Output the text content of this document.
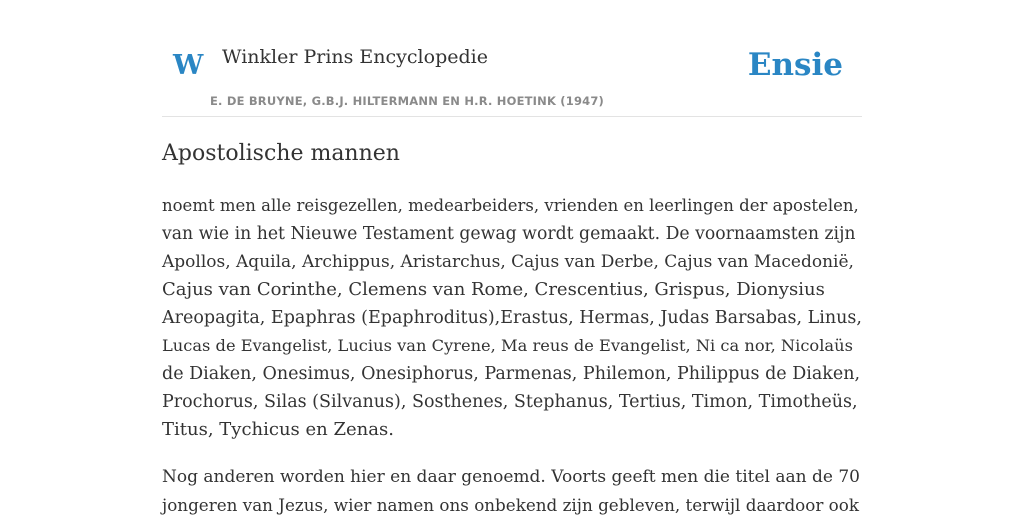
W Winkler Prins Encyclopedie
E. DE BRUYNE, G.B.J. HILTERMANN EN H.R. HOETINK (1947)
Ensie
Apostolische mannen

noemt men alle reisgezellen, medearbeiders, vrienden en leerlingen der apostelen,
van wie in het Nieuwe Testament gewag wordt gemaakt. De voornaamsten zijn
Apollos, Aquila, Archippus, Aristarchus, Cajus van Derbe, Cajus van Macedonië,
Cajus van Corinthe, Clemens van Rome, Crescentius, Grispus, Dionysius
Areopagita, Epaphras (Epaphroditus),Erastus, Hermas, Judas Barsabas, Linus,
Lucas de Evangelist, Lucius van Cyrene, Ma reus de Evangelist, Ni ca nor, Nicolaüs
de Diaken, Onesimus, Onesiphorus, Parmenas, Philemon, Philippus de Diaken,
Prochorus, Silas (Silvanus), Sosthenes, Stephanus, Tertius, Timon, Timotheüs,
Titus, Tychicus en Zenas.

Nog anderen worden hier en daar genoemd. Voorts geeft men die titel aan de 70
jongeren van Jezus, wier namen ons onbekend zijn gebleven, terwijl daardoor ook
